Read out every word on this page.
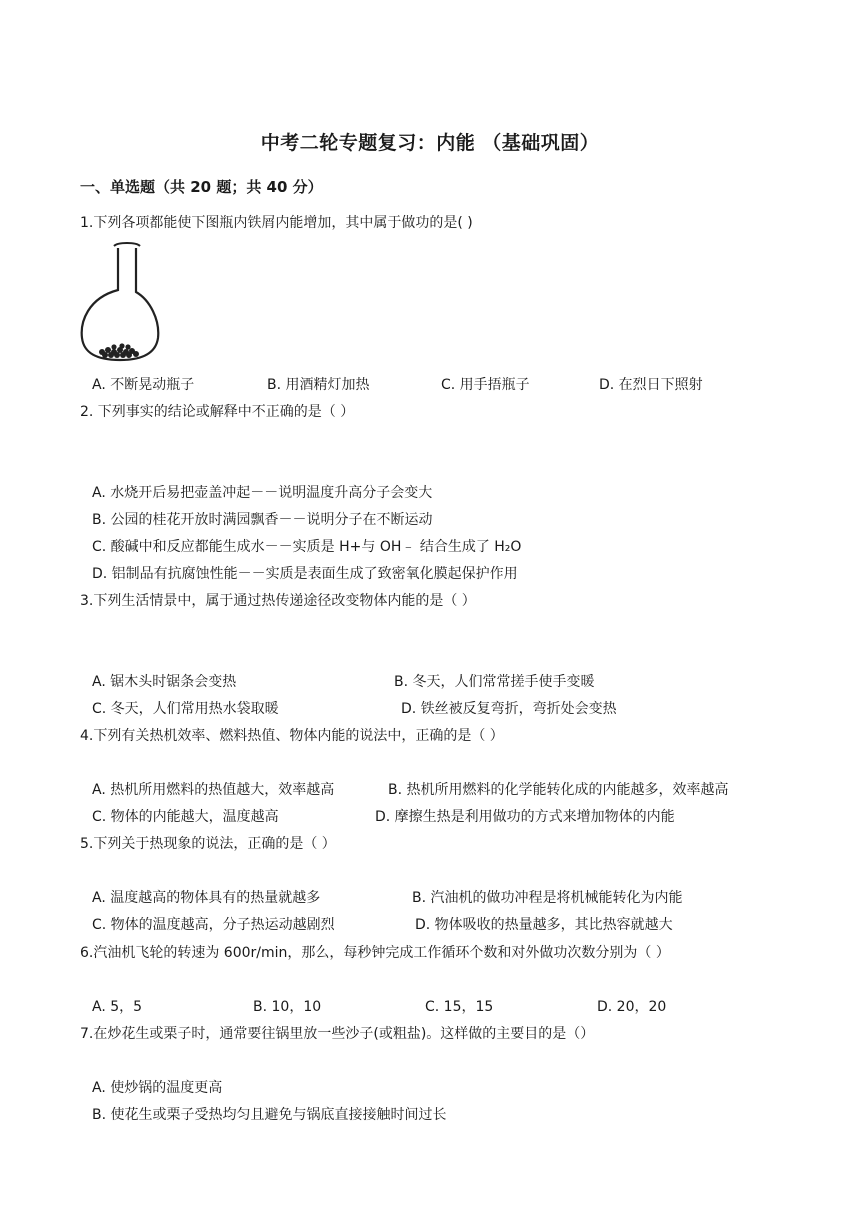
中考二轮专题复习：内能 （基础巩固）
一、单选题（共 20 题；共 40 分）
1.下列各项都能使下图瓶内铁屑内能增加，其中属于做功的是( )
A. 不断晃动瓶子	B. 用酒精灯加热	C. 用手捂瓶子	D. 在烈日下照射
2. 下列事实的结论或解释中不正确的是（ ）
A. 水烧开后易把壶盖冲起－－说明温度升高分子会变大
B. 公园的桂花开放时满园飘香－－说明分子在不断运动
C. 酸碱中和反应都能生成水－－实质是 H+与 OH﹣ 结合生成了 H₂O
D. 铝制品有抗腐蚀性能－－实质是表面生成了致密氧化膜起保护作用
3.下列生活情景中，属于通过热传递途径改变物体内能的是（ ）
A. 锯木头时锯条会变热	B. 冬天，人们常常搓手使手变暖
C. 冬天，人们常用热水袋取暖	D. 铁丝被反复弯折，弯折处会变热
4.下列有关热机效率、燃料热值、物体内能的说法中，正确的是（ ）
A. 热机所用燃料的热值越大，效率越高	B. 热机所用燃料的化学能转化成的内能越多，效率越高
C. 物体的内能越大，温度越高	D. 摩擦生热是利用做功的方式来增加物体的内能
5.下列关于热现象的说法，正确的是（ ）
A. 温度越高的物体具有的热量就越多	B. 汽油机的做功冲程是将机械能转化为内能
C. 物体的温度越高，分子热运动越剧烈	D. 物体吸收的热量越多，其比热容就越大
6.汽油机飞轮的转速为 600r/min，那么，每秒钟完成工作循环个数和对外做功次数分别为（ ）
A. 5，5	B. 10，10	C. 15，15	D. 20，20
7.在炒花生或栗子时，通常要往锅里放一些沙子(或粗盐)。这样做的主要目的是（）
A. 使炒锅的温度更高
B. 使花生或栗子受热均匀且避免与锅底直接接触时间过长
